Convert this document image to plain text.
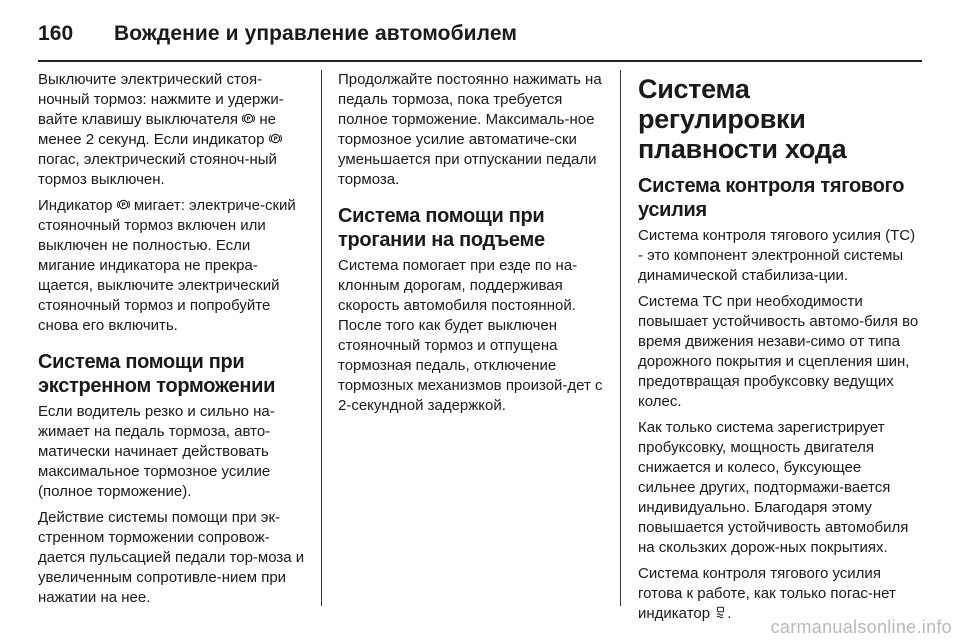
160	Вождение и управление автомобилем

Выключите электрический стоя-ночный тормоз: нажмите и удержи-вайте клавишу выключателя P не менее 2 секунд. Если индикатор P
погас, электрический стояноч-ный тормоз выключен.

Индикатор P мигает: электриче-ский стояночный тормоз включен или выключен не полностью. Если мигание индикатора не прекра-щается, выключите электрический стояночный тормоз и попробуйте снова его включить.

Система помощи при экстренном торможении

Если водитель резко и сильно на-жимает на педаль тормоза, авто-матически начинает действовать максимальное тормозное усилие (полное торможение).

Действие системы помощи при эк-стренном торможении сопровож-дается пульсацией педали тор-моза и увеличенным сопротивле-нием при нажатии на нее.

Продолжайте постоянно нажимать на педаль тормоза, пока требуется полное торможение. Максималь-ное тормозное усилие автоматиче-ски уменьшается при отпускании педали тормоза.

Система помощи при трогании на подъеме

Система помогает при езде по на-клонным дорогам, поддерживая скорость автомобиля постоянной. После того как будет выключен стояночный тормоз и отпущена тормозная педаль, отключение тормозных механизмов произой-дет с 2-секундной задержкой.

Система регулировки плавности хода
Система контроля тягового усилия

Система контроля тягового усилия (TC) - это компонент электронной системы динамической стабилиза-ции.

Система TC при необходимости повышает устойчивость автомо-биля во время движения незави-симо от типа дорожного покрытия и сцепления шин, предотвращая пробуксовку ведущих колес.

Как только система зарегистрирует пробуксовку, мощность двигателя снижается и колесо, буксующее сильнее других, подтормажи-вается индивидуально. Благодаря этому повышается устойчивость автомобиля на скользких дорож-ных покрытиях.

Система контроля тягового усилия готова к работе, как только погас-нет индикатор
.

carmanualsonline.info
